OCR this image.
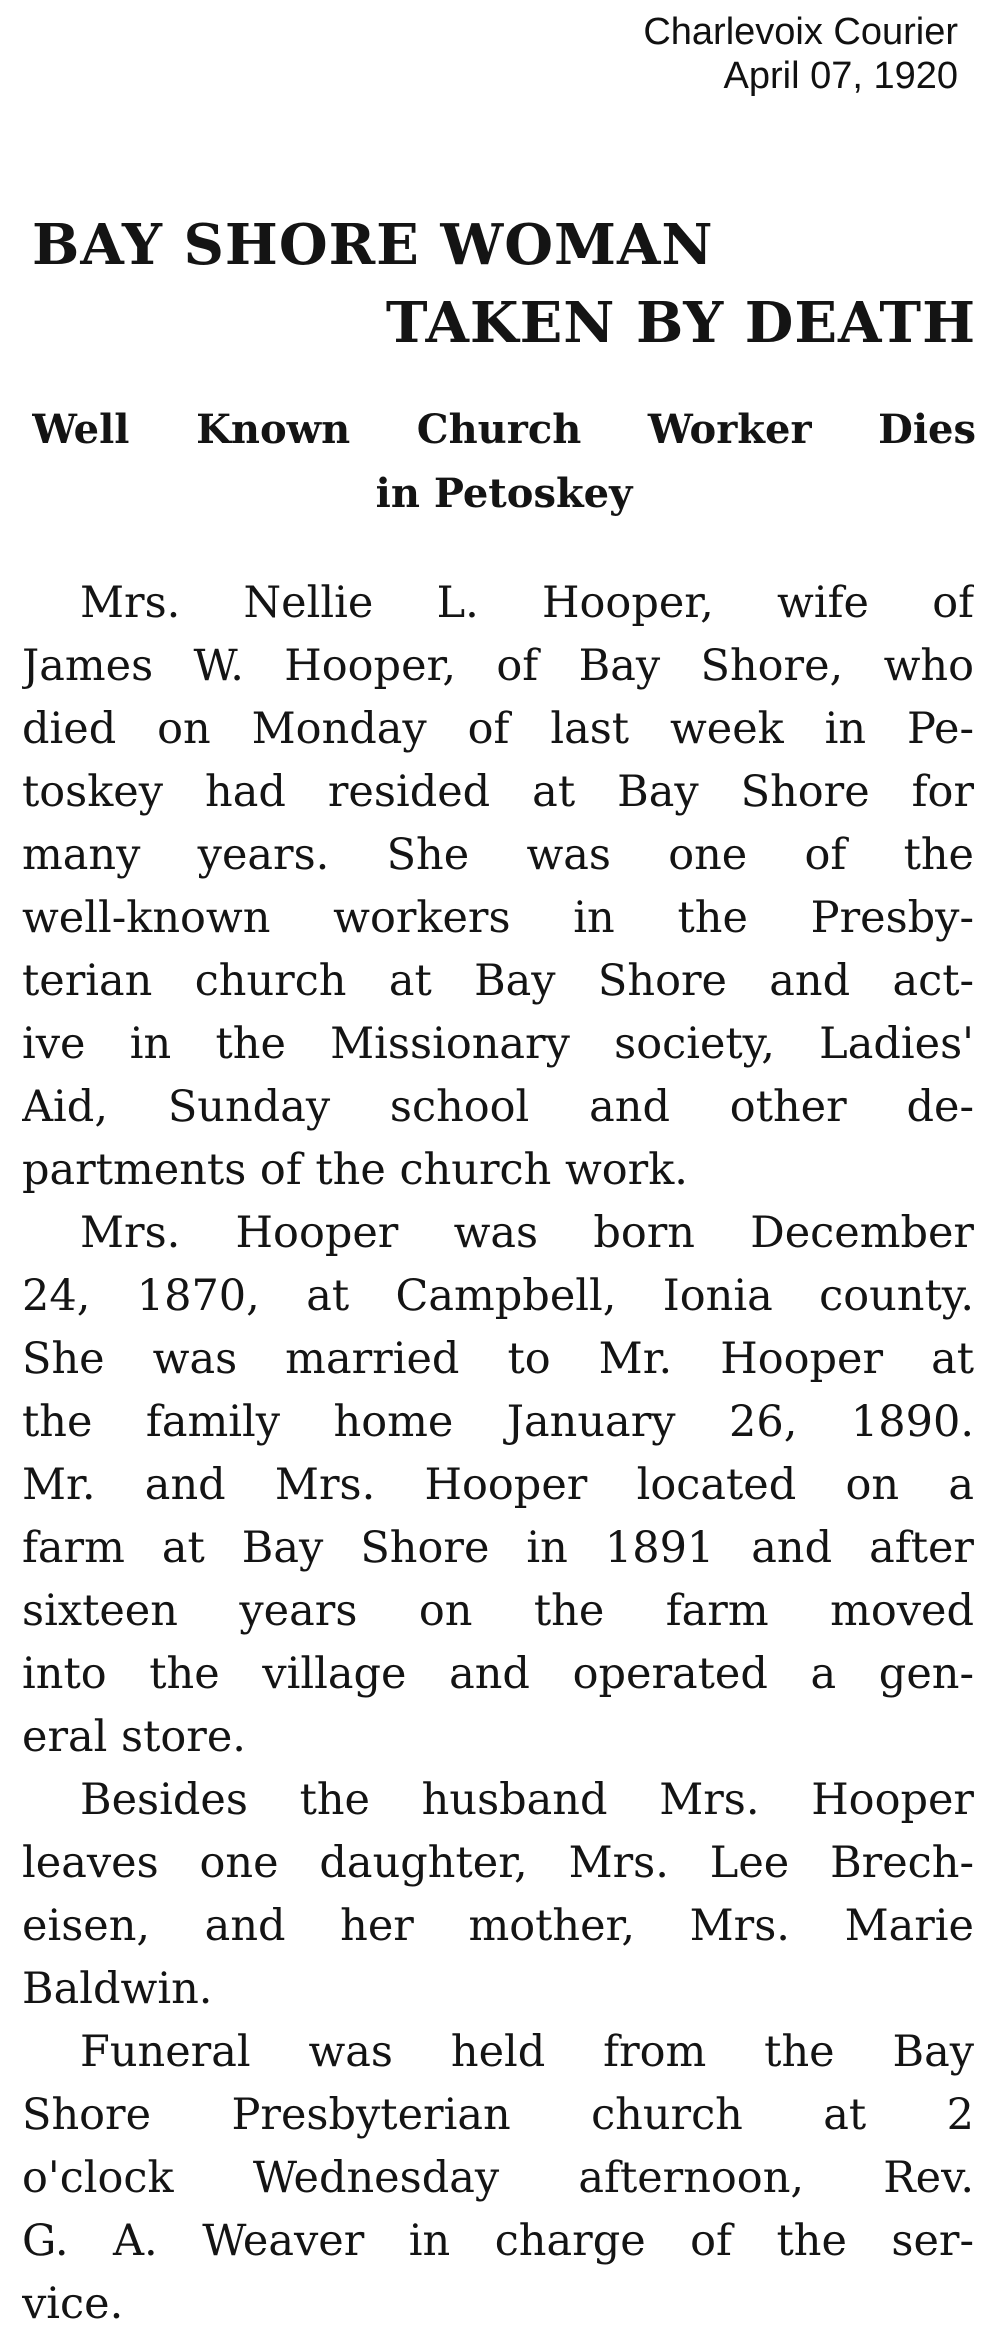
Charlevoix Courier
April 07, 1920
BAY SHORE WOMAN
TAKEN BY DEATH
Well Known Church Worker Dies
in Petoskey
Mrs. Nellie L. Hooper, wife of
James W. Hooper, of Bay Shore, who
died on Monday of last week in Pe-
toskey had resided at Bay Shore for
many years. She was one of the
well-known workers in the Presby-
terian church at Bay Shore and act-
ive in the Missionary society, Ladies'
Aid, Sunday school and other de-
partments of the church work.
Mrs. Hooper was born December
24, 1870, at Campbell, Ionia county.
She was married to Mr. Hooper at
the family home January 26, 1890.
Mr. and Mrs. Hooper located on a
farm at Bay Shore in 1891 and after
sixteen years on the farm moved
into the village and operated a gen-
eral store.
Besides the husband Mrs. Hooper
leaves one daughter, Mrs. Lee Brech-
eisen, and her mother, Mrs. Marie
Baldwin.
Funeral was held from the Bay
Shore Presbyterian church at 2
o'clock Wednesday afternoon, Rev.
G. A. Weaver in charge of the ser-
vice.
